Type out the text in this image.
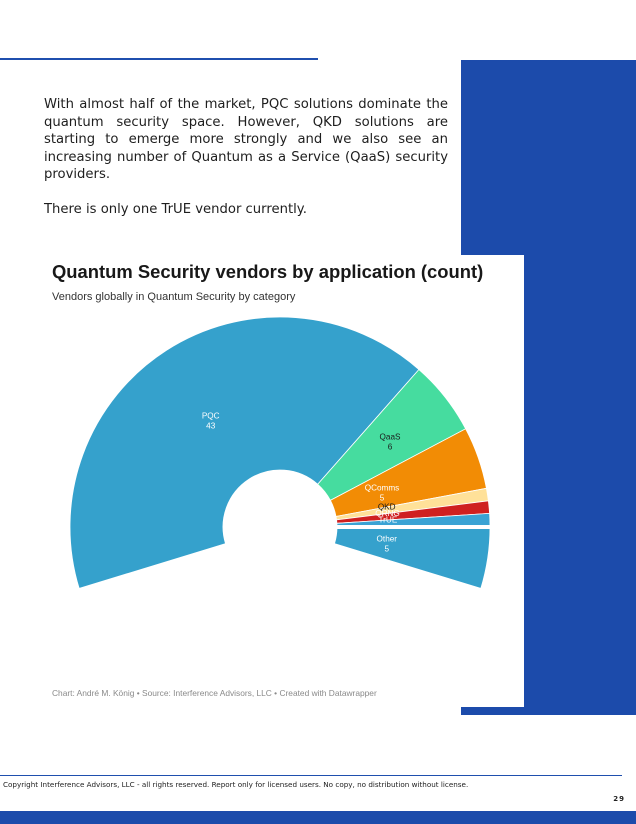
With almost half of the market, PQC solutions dominate the quantum security space. However, QKD solutions are starting to emerge more strongly and we also see an increasing number of Quantum as a Service (QaaS) security providers.

There is only one TrUE vendor currently.

PQC
43
QaaS
6
QComms
5
QKD
QRNG
TrUE
Other
5
Quantum Security vendors by application (count)
Vendors globally in Quantum Security by category
Chart: André M. König • Source: Interference Advisors, LLC • Created with Datawrapper
Copyright Interference Advisors, LLC - all rights reserved. Report only for licensed users. No copy, no distribution without license.
29
